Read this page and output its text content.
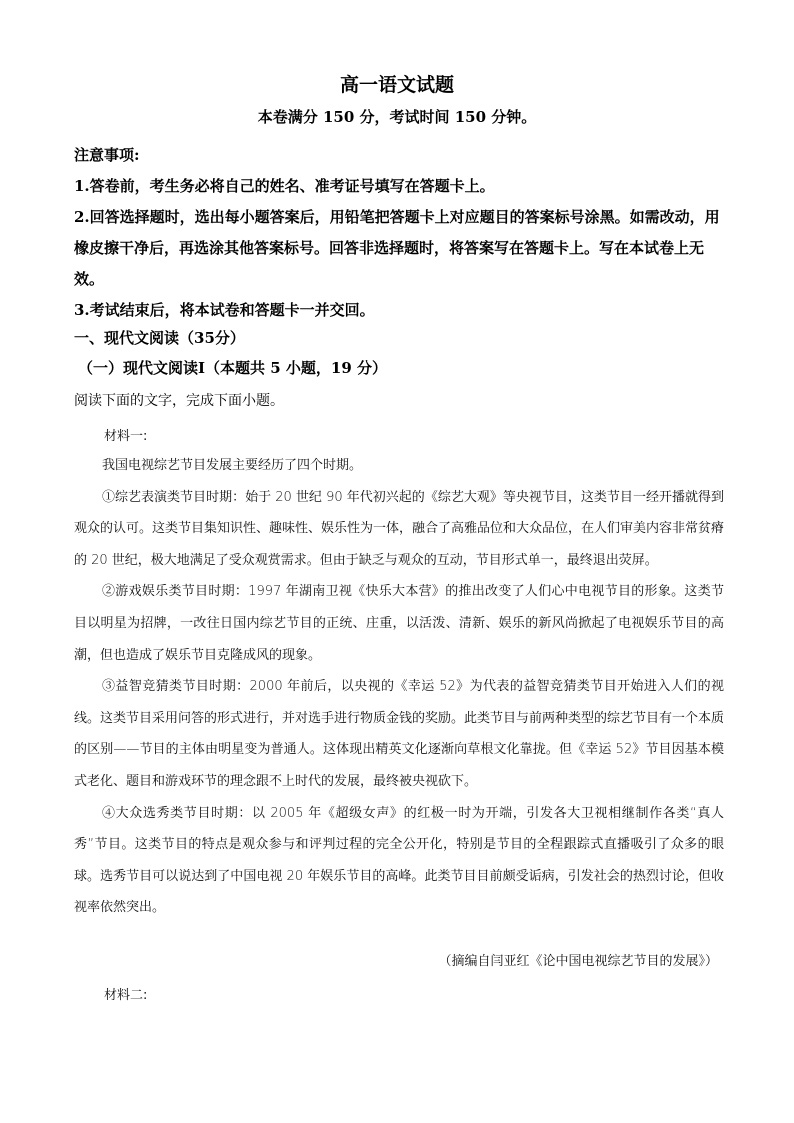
高一语文试题
本卷满分 150 分，考试时间 150 分钟。

注意事项:

1.答卷前，考生务必将自己的姓名、准考证号填写在答题卡上。

2.回答选择题时，选出每小题答案后，用铅笔把答题卡上对应题目的答案标号涂黑。如需改动，用橡皮擦干净后，再选涂其他答案标号。回答非选择题时，将答案写在答题卡上。写在本试卷上无效。

3.考试结束后，将本试卷和答题卡一并交回。

一、现代文阅读（35分）
（一）现代文阅读Ⅰ（本题共 5 小题，19 分）
阅读下面的文字，完成下面小题。
材料一:

我国电视综艺节目发展主要经历了四个时期。

①综艺表演类节目时期：始于 20 世纪 90 年代初兴起的《综艺大观》等央视节目，这类节目一经开播就得到观众的认可。这类节目集知识性、趣味性、娱乐性为一体，融合了高雅品位和大众品位，在人们审美内容非常贫瘠的 20 世纪，极大地满足了受众观赏需求。但由于缺乏与观众的互动，节目形式单一，最终退出荧屏。

②游戏娱乐类节目时期：1997 年湖南卫视《快乐大本营》的推出改变了人们心中电视节目的形象。这类节目以明星为招牌，一改往日国内综艺节目的正统、庄重，以活泼、清新、娱乐的新风尚掀起了电视娱乐节目的高潮，但也造成了娱乐节目克隆成风的现象。

③益智竞猜类节目时期：2000 年前后，以央视的《幸运 52》为代表的益智竞猜类节目开始进入人们的视线。这类节目采用问答的形式进行，并对选手进行物质金钱的奖励。此类节目与前两种类型的综艺节目有一个本质的区别——节目的主体由明星变为普通人。这体现出精英文化逐渐向草根文化靠拢。但《幸运 52》节目因基本模式老化、题目和游戏环节的理念跟不上时代的发展，最终被央视砍下。

④大众选秀类节目时期：以 2005 年《超级女声》的红极一时为开端，引发各大卫视相继制作各类“真人秀”节目。这类节目的特点是观众参与和评判过程的完全公开化，特别是节目的全程跟踪式直播吸引了众多的眼球。选秀节目可以说达到了中国电视 20 年娱乐节目的高峰。此类节目目前颇受诟病，引发社会的热烈讨论，但收视率依然突出。

（摘编自闫亚红《论中国电视综艺节目的发展》）
材料二:
